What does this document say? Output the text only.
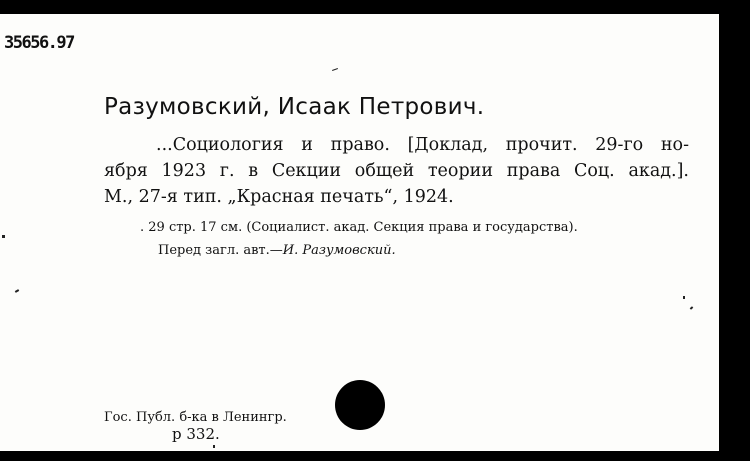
35656.97
Разумовский, Исаак Петрович.
...Социология и право. [Доклад, прочит. 29-го но-
ября 1923 г. в Секции общей теории права Соц. акад.].
М., 27-я тип. „Красная печать“, 1924.
. 29 стр. 17 см. (Социалист. акад. Секция права и государства).
Перед загл. авт.—И. Разумовский.
Гос. Публ. б-ка в Ленингр.
р 332.
